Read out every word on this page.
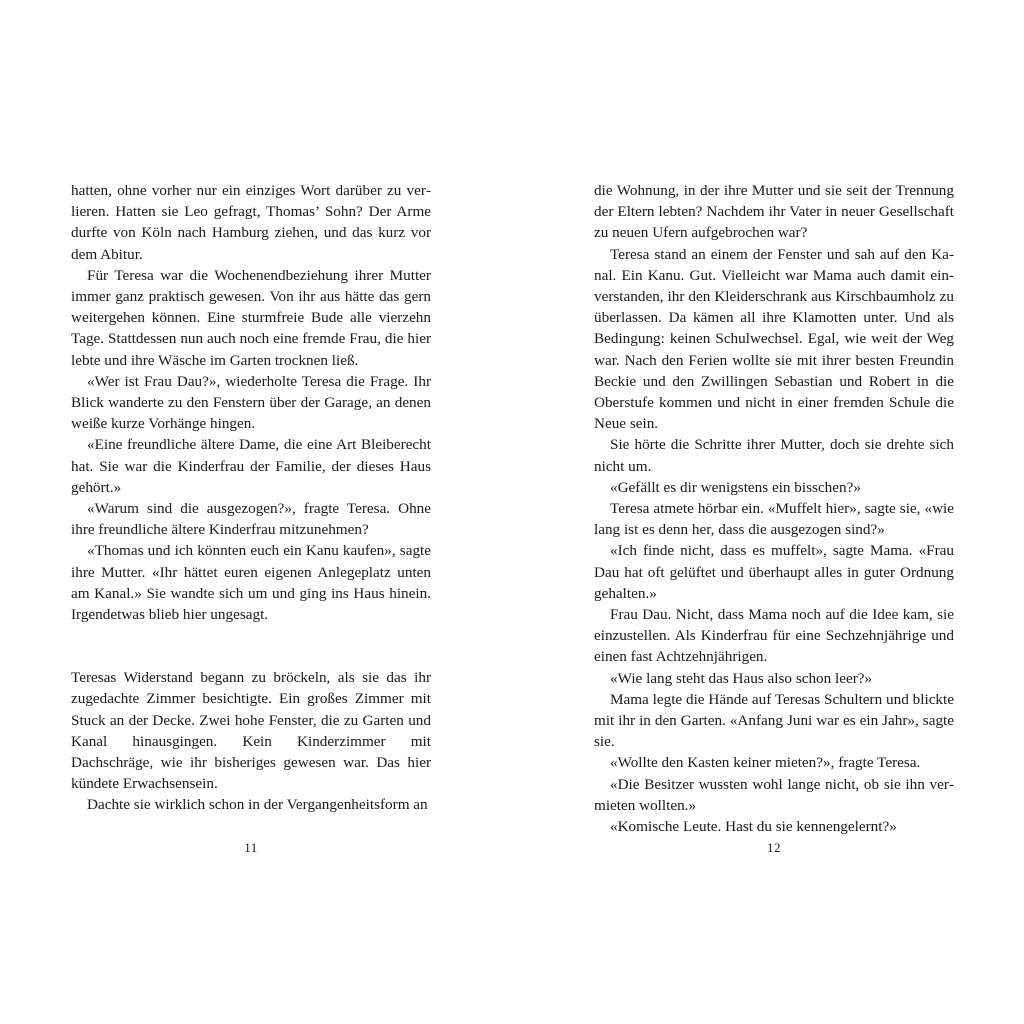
hatten, ohne vorher nur ein einziges Wort darüber zu verlieren. Hatten sie Leo gefragt, Thomas’ Sohn? Der Arme durfte von Köln nach Hamburg ziehen, und das kurz vor dem Abitur.

Für Teresa war die Wochenendbeziehung ihrer Mutter immer ganz praktisch gewesen. Von ihr aus hätte das gern weitergehen können. Eine sturmfreie Bude alle vierzehn Tage. Stattdessen nun auch noch eine fremde Frau, die hier lebte und ihre Wäsche im Garten trocknen ließ.

«Wer ist Frau Dau?», wiederholte Teresa die Frage. Ihr Blick wanderte zu den Fenstern über der Garage, an denen weiße kurze Vorhänge hingen.

«Eine freundliche ältere Dame, die eine Art Bleiberecht hat. Sie war die Kinderfrau der Familie, der dieses Haus gehört.»

«Warum sind die ausgezogen?», fragte Teresa. Ohne ihre freundliche ältere Kinderfrau mitzunehmen?

«Thomas und ich könnten euch ein Kanu kaufen», sagte ihre Mutter. «Ihr hättet euren eigenen Anlegeplatz unten am Kanal.» Sie wandte sich um und ging ins Haus hinein. Irgendetwas blieb hier ungesagt.

Teresas Widerstand begann zu bröckeln, als sie das ihr zugedachte Zimmer besichtigte. Ein großes Zimmer mit Stuck an der Decke. Zwei hohe Fenster, die zu Garten und Kanal hinausgingen. Kein Kinderzimmer mit Dachschräge, wie ihr bisheriges gewesen war. Das hier kündete Erwachsensein.

Dachte sie wirklich schon in der Vergangenheitsform an

11

die Wohnung, in der ihre Mutter und sie seit der Trennung der Eltern lebten? Nachdem ihr Vater in neuer Gesellschaft zu neuen Ufern aufgebrochen war?

Teresa stand an einem der Fenster und sah auf den Kanal. Ein Kanu. Gut. Vielleicht war Mama auch damit einverstanden, ihr den Kleiderschrank aus Kirschbaumholz zu überlassen. Da kämen all ihre Klamotten unter. Und als Bedingung: keinen Schulwechsel. Egal, wie weit der Weg war. Nach den Ferien wollte sie mit ihrer besten Freundin Beckie und den Zwillingen Sebastian und Robert in die Oberstufe kommen und nicht in einer fremden Schule die Neue sein.

Sie hörte die Schritte ihrer Mutter, doch sie drehte sich nicht um.

«Gefällt es dir wenigstens ein bisschen?»

Teresa atmete hörbar ein. «Muffelt hier», sagte sie, «wie lang ist es denn her, dass die ausgezogen sind?»

«Ich finde nicht, dass es muffelt», sagte Mama. «Frau Dau hat oft gelüftet und überhaupt alles in guter Ordnung gehalten.»

Frau Dau. Nicht, dass Mama noch auf die Idee kam, sie einzustellen. Als Kinderfrau für eine Sechzehnjährige und einen fast Achtzehnjährigen.

«Wie lang steht das Haus also schon leer?»

Mama legte die Hände auf Teresas Schultern und blickte mit ihr in den Garten. «Anfang Juni war es ein Jahr», sagte sie.

«Wollte den Kasten keiner mieten?», fragte Teresa.

«Die Besitzer wussten wohl lange nicht, ob sie ihn vermieten wollten.»

«Komische Leute. Hast du sie kennengelernt?»

12
